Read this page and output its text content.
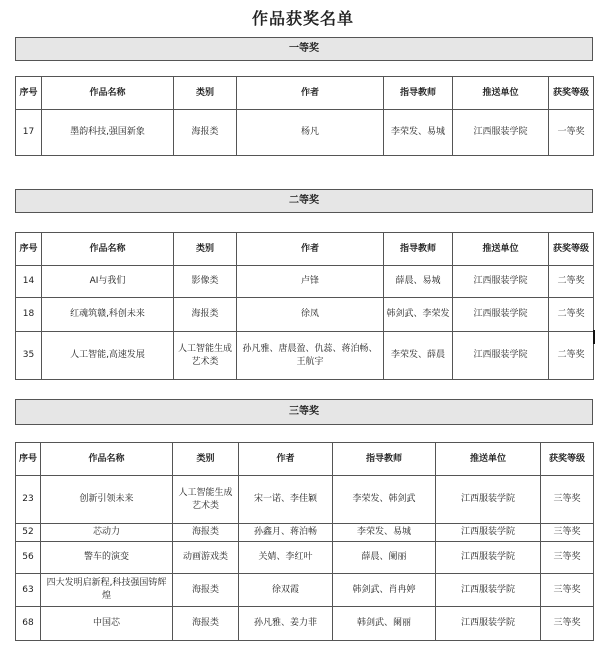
作品获奖名单
一等奖
序号	作品名称	类别	作者	指导教师	推送单位	获奖等级
17	墨韵科技,强国新象	海报类	杨凡	李荣发、易城	江西服装学院	一等奖
二等奖
序号	作品名称	类别	作者	指导教师	推送单位	获奖等级
14	AI与我们	影像类	卢锋	薛晨、易城	江西服装学院	二等奖
18	红魂筑赣,科创未来	海报类	徐凤	韩剑武、李荣发	江西服装学院	二等奖
35	人工智能,高速发展	人工智能生成艺术类	孙凡雅、唐晨盈、仇蕊、蒋泊畅、王航宇	李荣发、薛晨	江西服装学院	二等奖
三等奖
序号	作品名称	类别	作者	指导教师	推送单位	获奖等级
23	创新引领未来	人工智能生成艺术类	宋一诺、李佳颖	李荣发、韩剑武	江西服装学院	三等奖
52	芯动力	海报类	孙鑫月、蒋泊畅	李荣发、易城	江西服装学院	三等奖
56	警车的演变	动画游戏类	关婧、李红叶	薛晨、阑丽	江西服装学院	三等奖
63	四大发明启新程,科技强国铸辉煌	海报类	徐双霞	韩剑武、肖冉婷	江西服装学院	三等奖
68	中国芯	海报类	孙凡雅、姜力菲	韩剑武、阑丽	江西服装学院	三等奖
